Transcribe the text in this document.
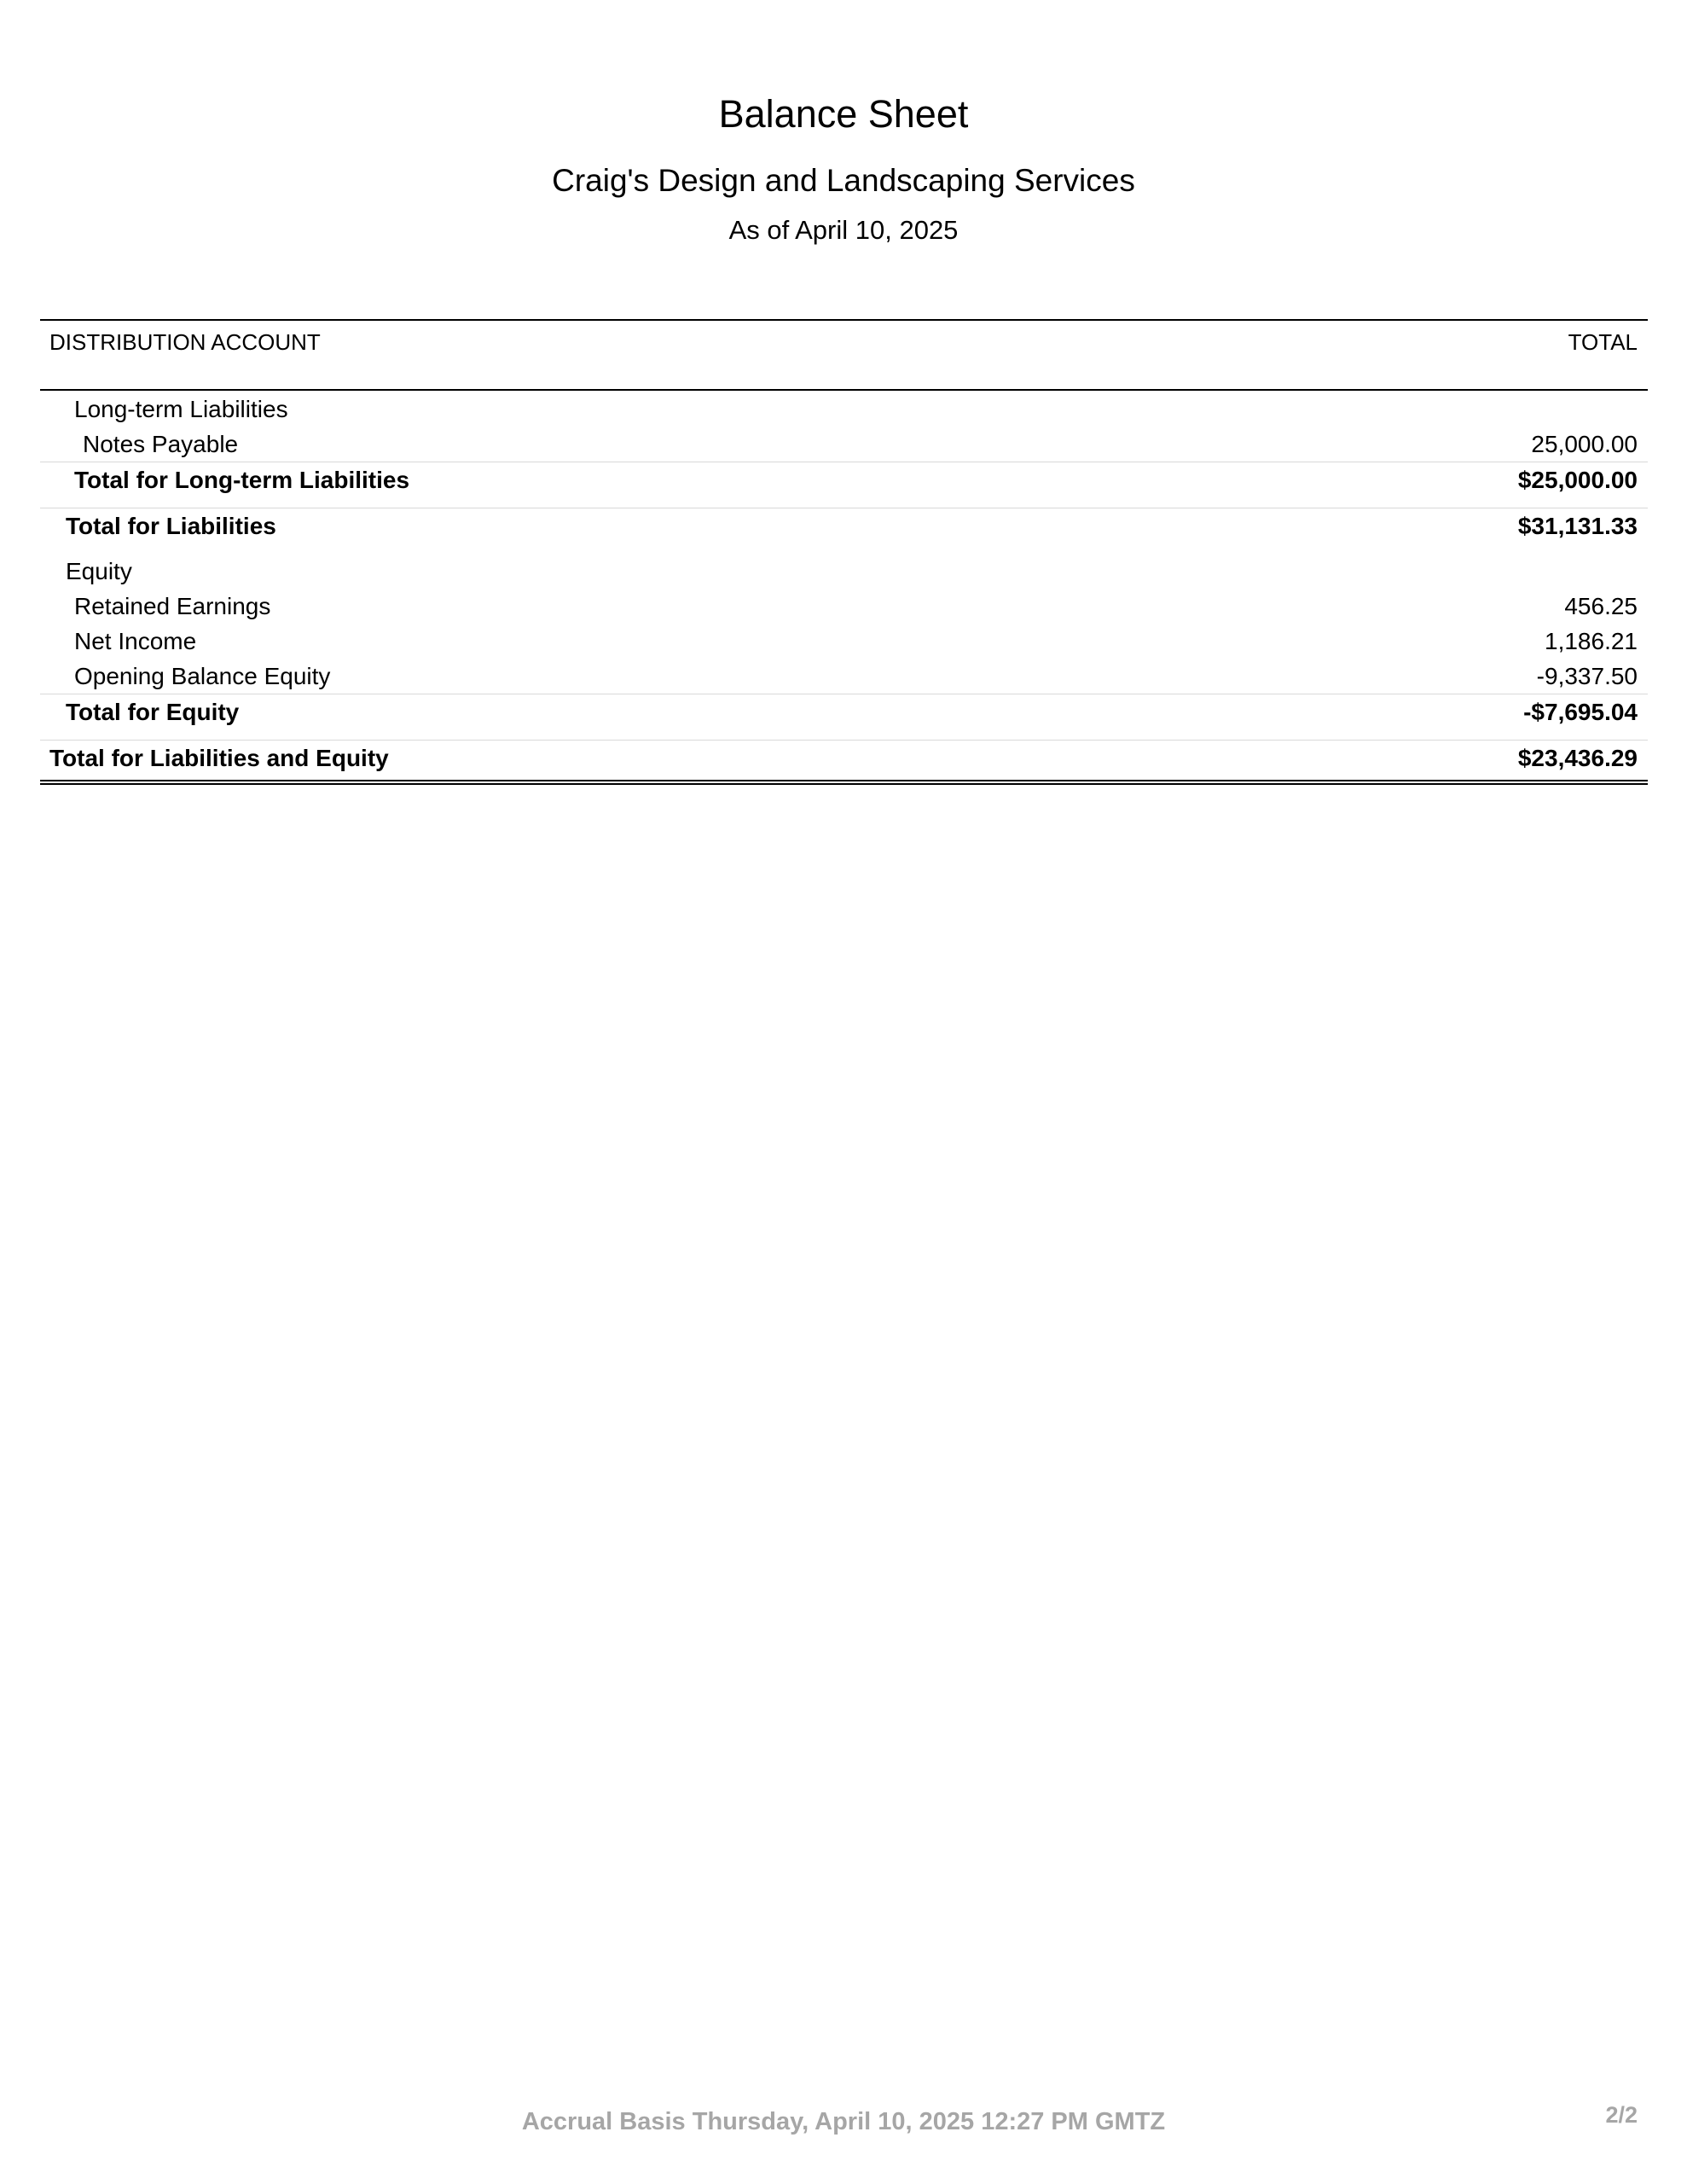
Balance Sheet
Craig's Design and Landscaping Services
As of April 10, 2025
DISTRIBUTION ACCOUNT	TOTAL
Long-term Liabilities
Notes Payable	25,000.00
Total for Long-term Liabilities	$25,000.00
Total for Liabilities	$31,131.33
Equity
Retained Earnings	456.25
Net Income	1,186.21
Opening Balance Equity	-9,337.50
Total for Equity	-$7,695.04
Total for Liabilities and Equity	$23,436.29
Accrual Basis Thursday, April 10, 2025 12:27 PM GMTZ	2/2
